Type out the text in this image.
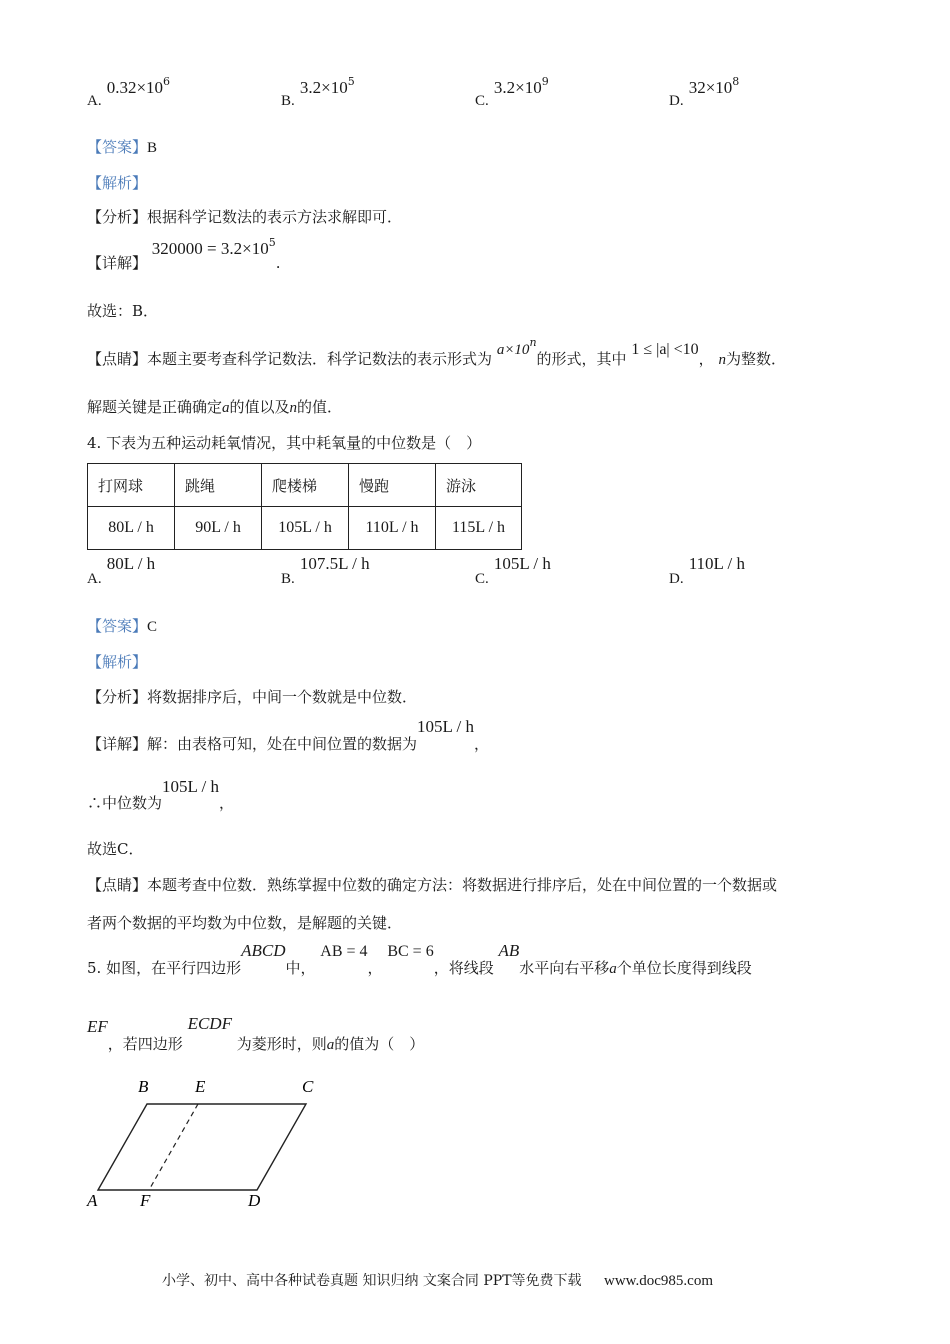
A. $0.32\times 10^6$
B. $3.2\times 10^5$
C. $3.2\times 10^9$
D. $32\times 10^8$
【答案】B
【解析】
【分析】根据科学记数法的表示方法求解即可．
【详解】 $320000 = 3.2\times 10^5$.
故选：B．
【点睛】本题主要考查科学记数法．科学记数法的表示形式为 $a\times 10^n$的形式，其中 1 ≤ |a| <10， n为整数．
解题关键是正确确定a的值以及n的值．
4. 下表为五种运动耗氧情况，其中耗氧量的中位数是（　）
打网球	跳绳	爬楼梯	慢跑	游泳
80L / h	90L / h	105L / h	110L / h	115L / h
A. 80L / h
B. 107.5L / h
C. 105L / h
D. 110L / h
【答案】C
【解析】
【分析】将数据排序后，中间一个数就是中位数．
【详解】解：由表格可知，处在中间位置的数据为105L / h，
∴中位数为105L / h，
故选C．
【点睛】本题考查中位数．熟练掌握中位数的确定方法：将数据进行排序后，处在中间位置的一个数据或
者两个数据的平均数为中位数，是解题的关键．
5. 如图，在平行四边形ABCD中， AB = 4， BC = 6，将线段 AB水平向右平移a个单位长度得到线段
EF，若四边形 ECDF 为菱形时，则a的值为（　）
B	E	C
A	F	D
小学、初中、高中各种试卷真题 知识归纳 文案合同 PPT等免费下载 www.doc985.com
